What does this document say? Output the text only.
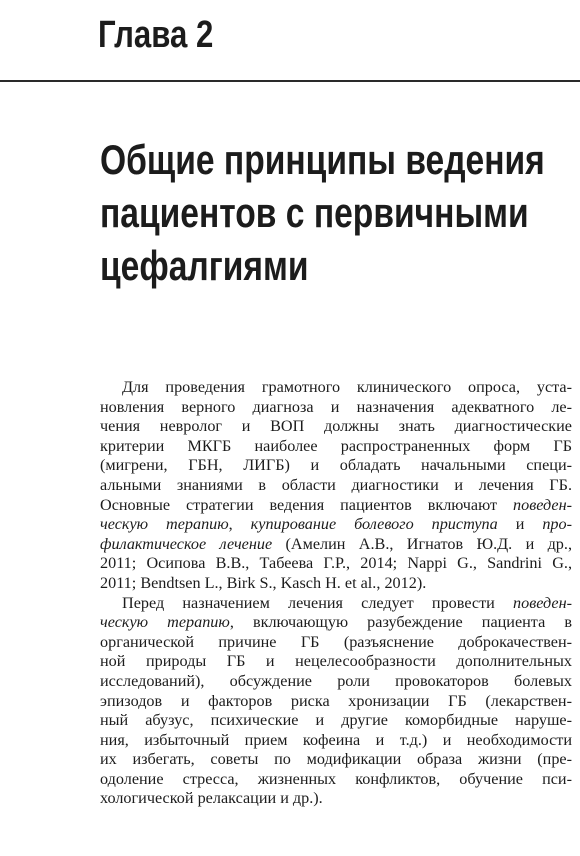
Глава 2
Общие принципы ведения
пациентов с первичными
цефалгиями
Для проведения грамотного клинического опроса, уста-
новления верного диагноза и назначения адекватного ле-
чения невролог и ВОП должны знать диагностические
критерии МКГБ наиболее распространенных форм ГБ
(мигрени, ГБН, ЛИГБ) и обладать начальными специ-
альными знаниями в области диагностики и лечения ГБ.
Основные стратегии ведения пациентов включают поведен-
ческую терапию, купирование болевого приступа и про-
филактическое лечение (Амелин А.В., Игнатов Ю.Д. и др.,
2011; Осипова В.В., Табеева Г.Р., 2014; Nappi G., Sandrini G.,
2011; Bendtsen L., Birk S., Kasch H. et al., 2012).
Перед назначением лечения следует провести поведен-
ческую терапию, включающую разубеждение пациента в
органической причине ГБ (разъяснение доброкачествен-
ной природы ГБ и нецелесообразности дополнительных
исследований), обсуждение роли провокаторов болевых
эпизодов и факторов риска хронизации ГБ (лекарствен-
ный абузус, психические и другие коморбидные наруше-
ния, избыточный прием кофеина и т.д.) и необходимости
их избегать, советы по модификации образа жизни (пре-
одоление стресса, жизненных конфликтов, обучение пси-
хологической релаксации и др.).
